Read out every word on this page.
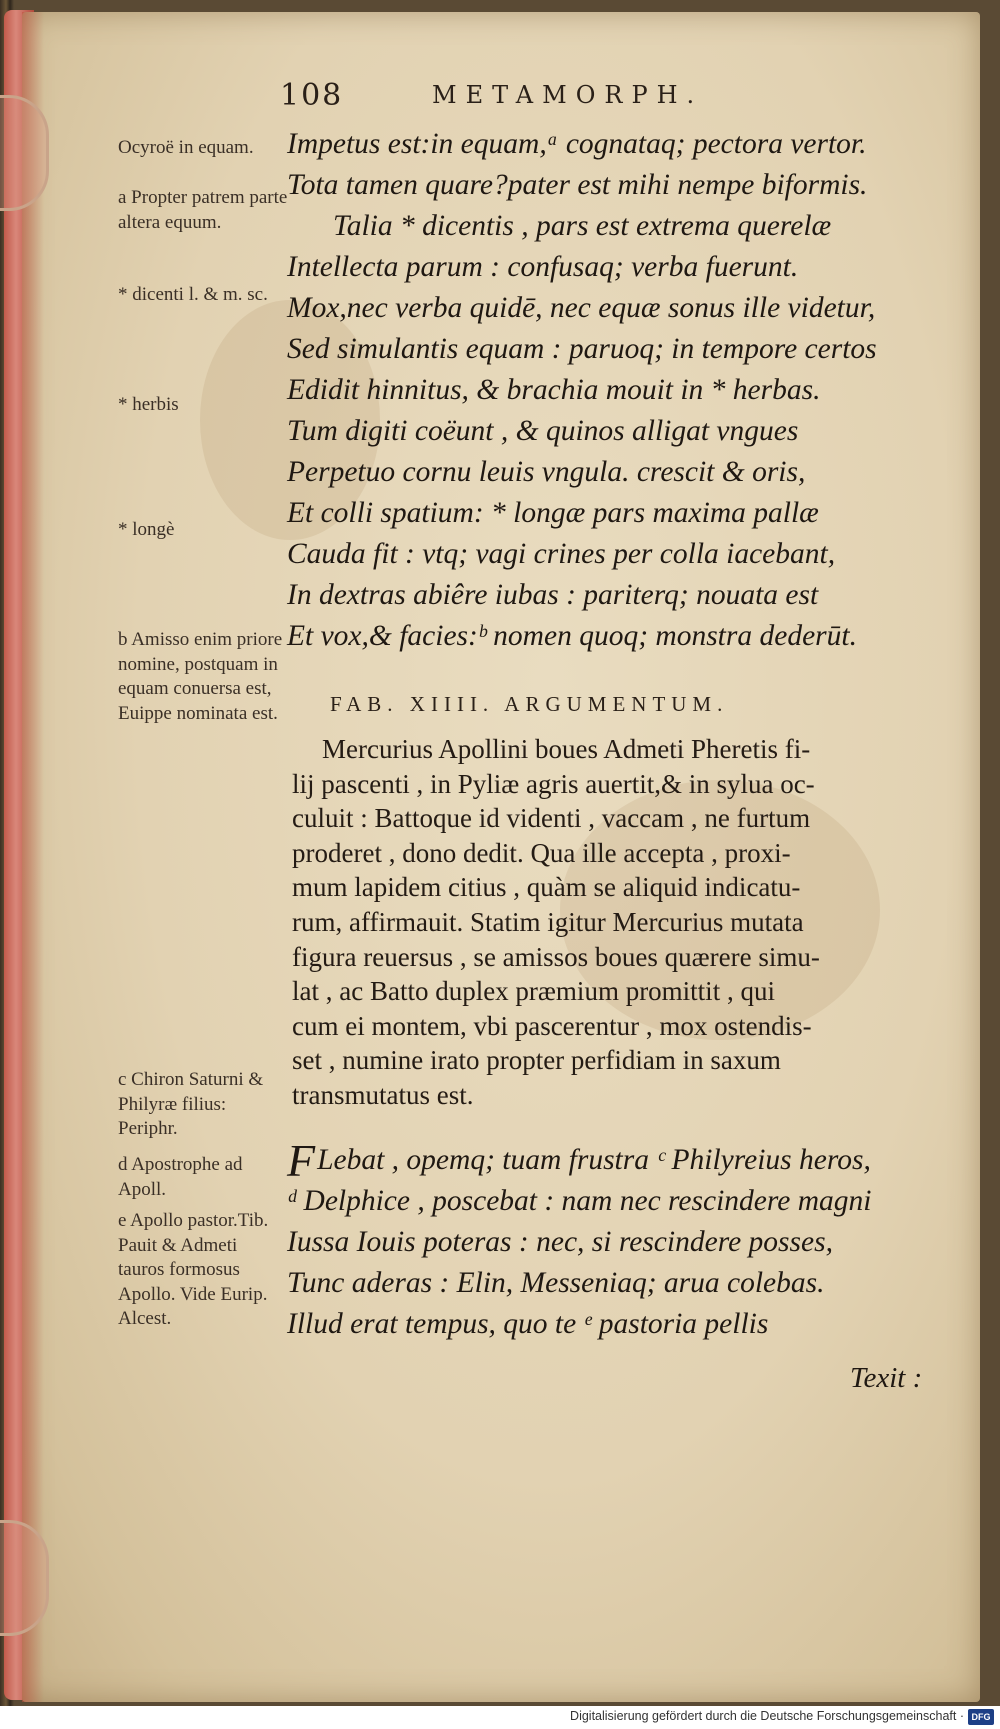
108	METAMORPH.
Ocyroë in equam.
a Propter patrem parte altera equum.
* dicenti l. & m. sc.
* herbis
* longè
b Amisso enim priore nomine, postquam in equam conuersa est, Euippe nominata est.
c Chiron Saturni & Philyræ filius: Periphr.
d Apostrophe ad Apoll.
e Apollo pastor.Tib. Pauit & Admeti tauros formosus Apollo. Vide Eurip. Alcest.
Impetus est:in equam,ᵃ cognataq; pectora vertor.
Tota tamen quare?pater est mihi nempe biformis.
Talia * dicentis , pars est extrema querelæ
Intellecta parum : confusaq; verba fuerunt.
Mox,nec verba quidē, nec equæ sonus ille videtur,
Sed simulantis equam : paruoq; in tempore certos
Edidit hinnitus, & brachia mouit in * herbas.
Tum digiti coëunt , & quinos alligat vngues
Perpetuo cornu leuis vngula. crescit & oris,
Et colli spatium: * longæ pars maxima pallæ
Cauda fit : vtq; vagi crines per colla iacebant,
In dextras abiêre iubas : pariterq; nouata est
Et vox,& facies:ᵇ nomen quoq; monstra dederūt.
FAB. XIIII. ARGUMENTUM.
Mercurius Apollini boues Admeti Pheretis fi-
lij pascenti , in Pyliæ agris auertit,& in sylua oc-
culuit : Battoque id videnti , vaccam , ne furtum
proderet , dono dedit. Qua ille accepta , proxi-
mum lapidem citius , quàm se aliquid indicatu-
rum, affirmauit. Statim igitur Mercurius mutata
figura reuersus , se amissos boues quærere simu-
lat , ac Batto duplex præmium promittit , qui
cum ei montem, vbi pascerentur , mox ostendis-
set , numine irato propter perfidiam in saxum
transmutatus est.
F Lebat , opemq; tuam frustra ᶜ Philyreius heros,
ᵈ Delphice , poscebat : nam nec rescindere magni
Iussa Iouis poteras : nec, si rescindere posses,
Tunc aderas : Elin, Messeniaq; arua colebas.
Illud erat tempus, quo te ᵉ pastoria pellis
Texit :
Digitalisierung gefördert durch die Deutsche Forschungsgemeinschaft · DFG
